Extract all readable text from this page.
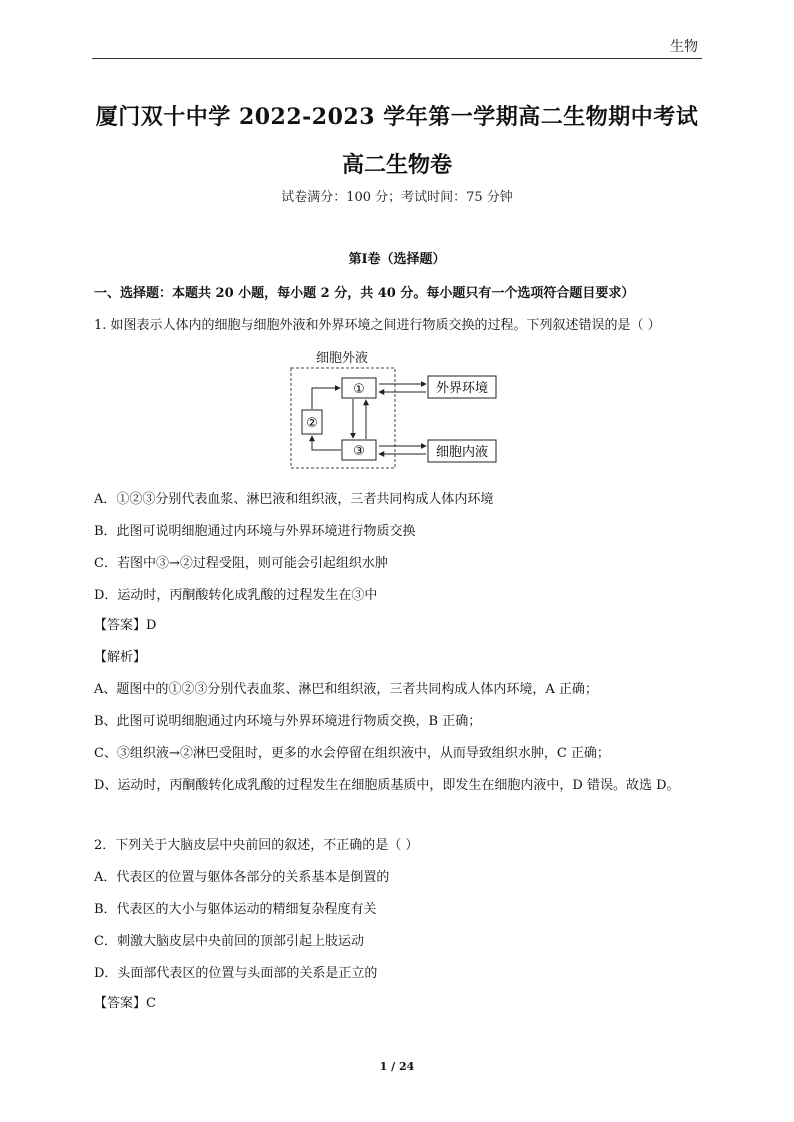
生物
厦门双十中学 2022-2023 学年第一学期高二生物期中考试
高二生物卷
试卷满分：100 分；考试时间：75 分钟
第Ⅰ卷（选择题）
一、选择题：本题共 20 小题，每小题 2 分，共 40 分。每小题只有一个选项符合题目要求）
1. 如图表示人体内的细胞与细胞外液和外界环境之间进行物质交换的过程。下列叙述错误的是（ ）
细胞外液
①
②
③
外界环境
细胞内液
A．①②③分别代表血浆、淋巴液和组织液，三者共同构成人体内环境
B．此图可说明细胞通过内环境与外界环境进行物质交换
C．若图中③→②过程受阻，则可能会引起组织水肿
D．运动时，丙酮酸转化成乳酸的过程发生在③中
【答案】D
【解析】
A、题图中的①②③分别代表血浆、淋巴和组织液，三者共同构成人体内环境，A 正确；
B、此图可说明细胞通过内环境与外界环境进行物质交换，B 正确；
C、③组织液→②淋巴受阻时，更多的水会停留在组织液中，从而导致组织水肿，C 正确；
D、运动时，丙酮酸转化成乳酸的过程发生在细胞质基质中，即发生在细胞内液中，D 错误。故选 D。
2．下列关于大脑皮层中央前回的叙述，不正确的是（ ）
A．代表区的位置与躯体各部分的关系基本是倒置的
B．代表区的大小与躯体运动的精细复杂程度有关
C．刺激大脑皮层中央前回的顶部引起上肢运动
D．头面部代表区的位置与头面部的关系是正立的
【答案】C
1 / 24
